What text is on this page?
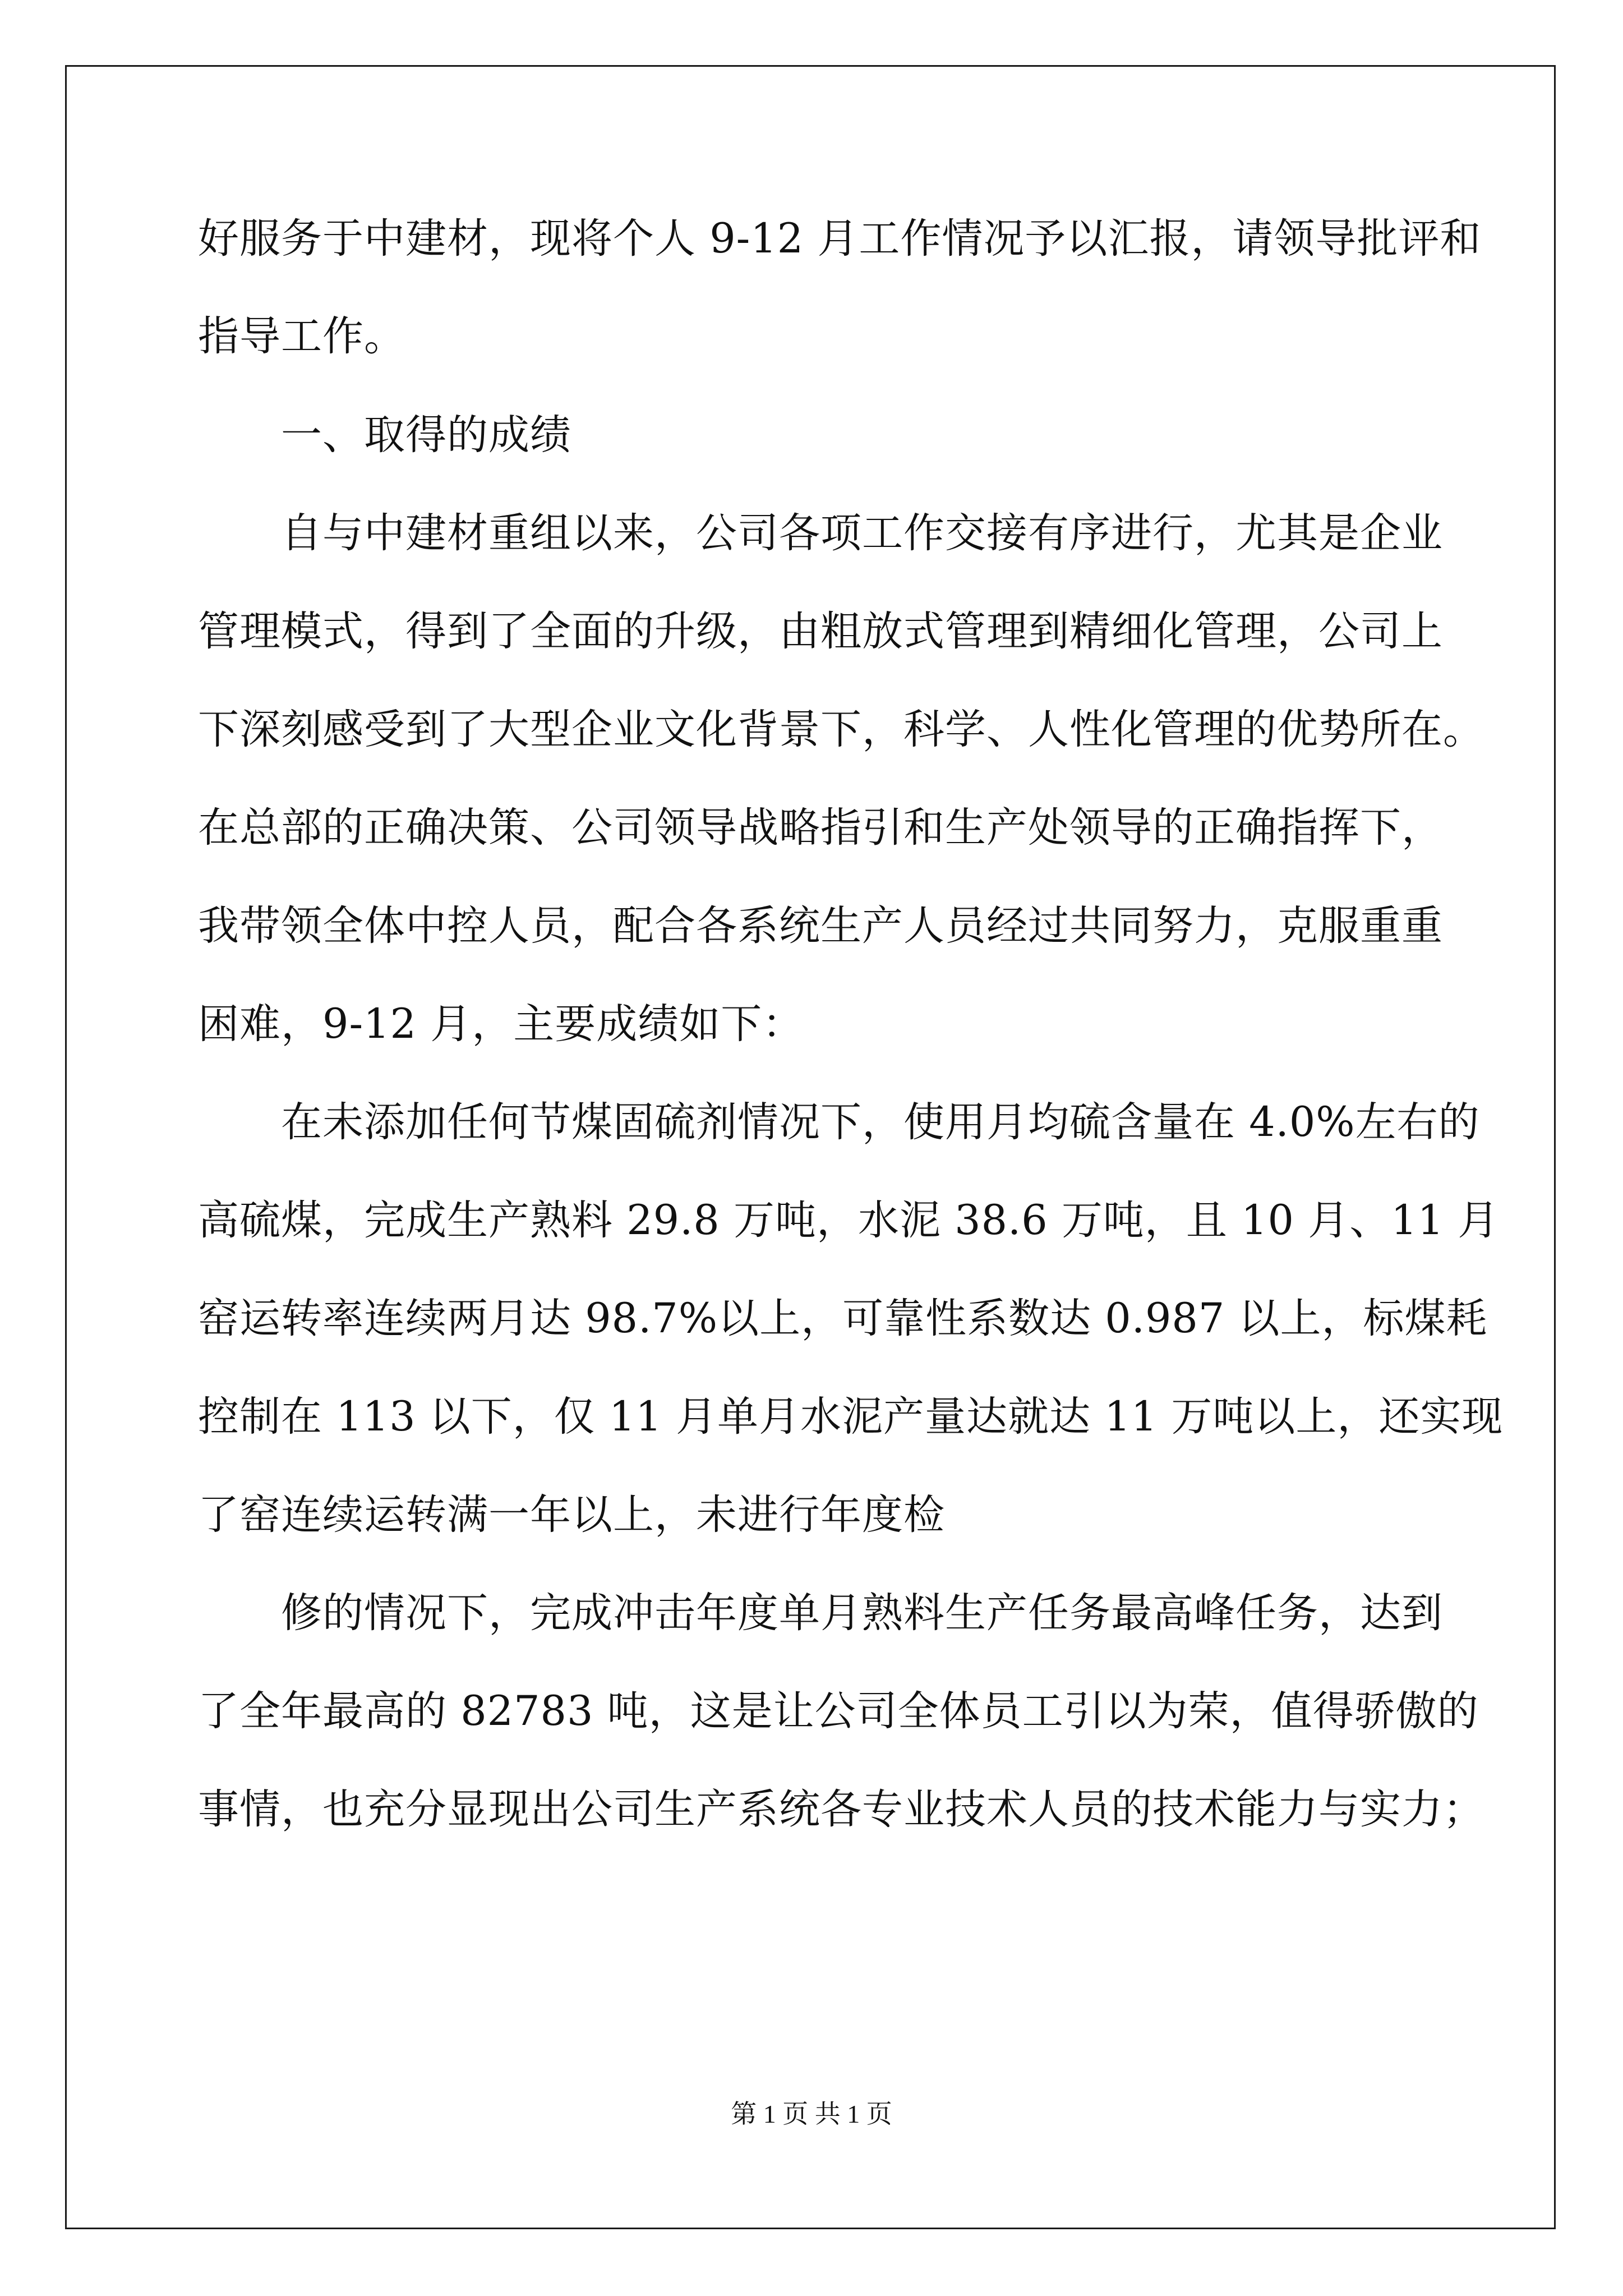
好服务于中建材，现将个人 9-12 月工作情况予以汇报，请领导批评和
指导工作。
一、取得的成绩
自与中建材重组以来，公司各项工作交接有序进行，尤其是企业
管理模式，得到了全面的升级，由粗放式管理到精细化管理，公司上
下深刻感受到了大型企业文化背景下，科学、人性化管理的优势所在。
在总部的正确决策、公司领导战略指引和生产处领导的正确指挥下，
我带领全体中控人员，配合各系统生产人员经过共同努力，克服重重
困难，9-12 月，主要成绩如下：
在未添加任何节煤固硫剂情况下，使用月均硫含量在 4.0%左右的
高硫煤，完成生产熟料 29.8 万吨，水泥 38.6 万吨，且 10 月、11 月
窑运转率连续两月达 98.7%以上，可靠性系数达 0.987 以上，标煤耗
控制在 113 以下，仅 11 月单月水泥产量达就达 11 万吨以上，还实现
了窑连续运转满一年以上，未进行年度检
修的情况下，完成冲击年度单月熟料生产任务最高峰任务，达到
了全年最高的 82783 吨，这是让公司全体员工引以为荣，值得骄傲的
事情，也充分显现出公司生产系统各专业技术人员的技术能力与实力；
第 1 页 共 1 页
